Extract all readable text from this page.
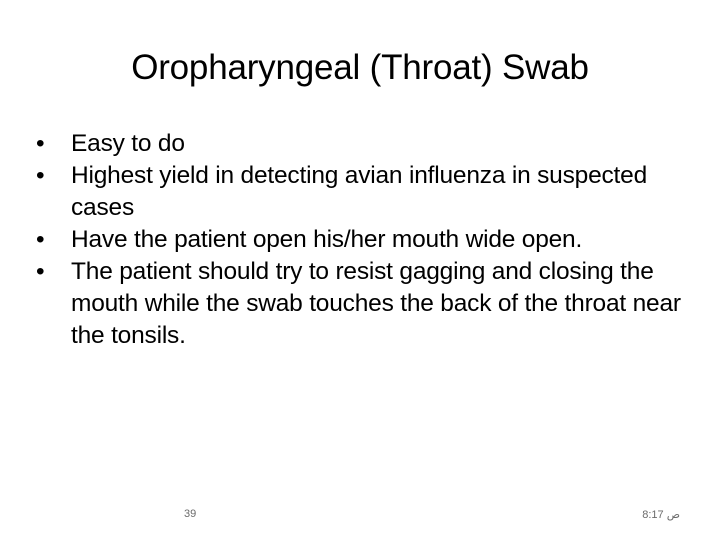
Oropharyngeal (Throat) Swab
•	Easy to do
•	Highest yield in detecting avian influenza in suspected cases
•	Have the patient open his/her mouth wide open.
•	The patient should try to resist gagging and closing the mouth while the swab touches the back of the throat near the tonsils.
39	8:17 ص
